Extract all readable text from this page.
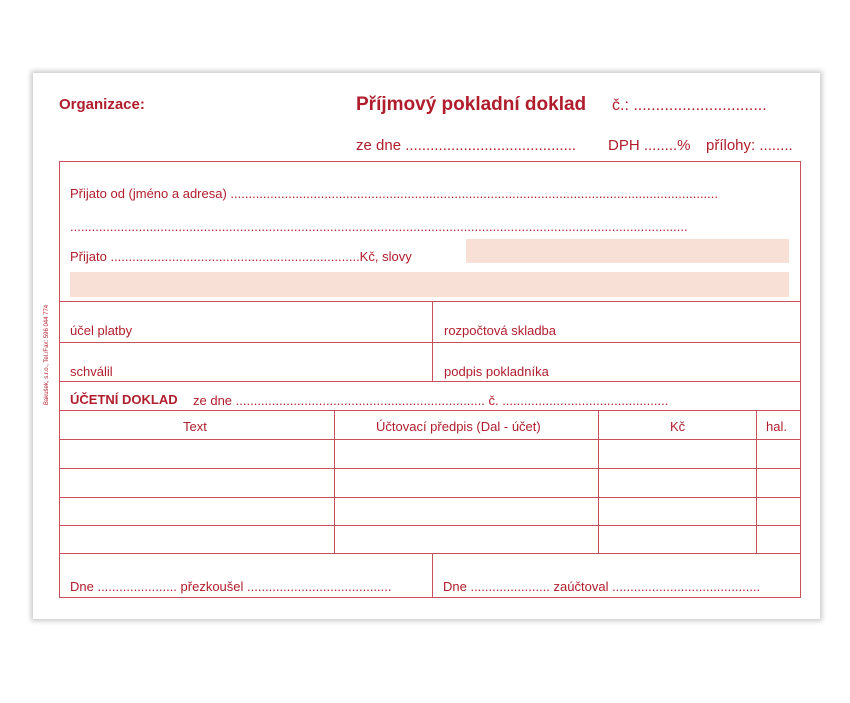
Organizace:	Příjmový pokladní doklad č.: ..............................
ze dne ......................................... DPH ........% přílohy: ........
Bakušek, s.r.o., Tel./Fax: 596 044 774
Přijato od (jméno a adresa) .......................................................................................................................................
...........................................................................................................................................................................
Přijato .....................................................................Kč, slovy
účel platby	rozpočtová skladba
schválil	podpis pokladníka
ÚČETNÍ DOKLAD ze dne ..................................................................... č. ..............................................
Text	Účtovací předpis (Dal - účet)	Kč	hal.
Dne ...................... přezkoušel ........................................	Dne ...................... zaúčtoval .........................................
